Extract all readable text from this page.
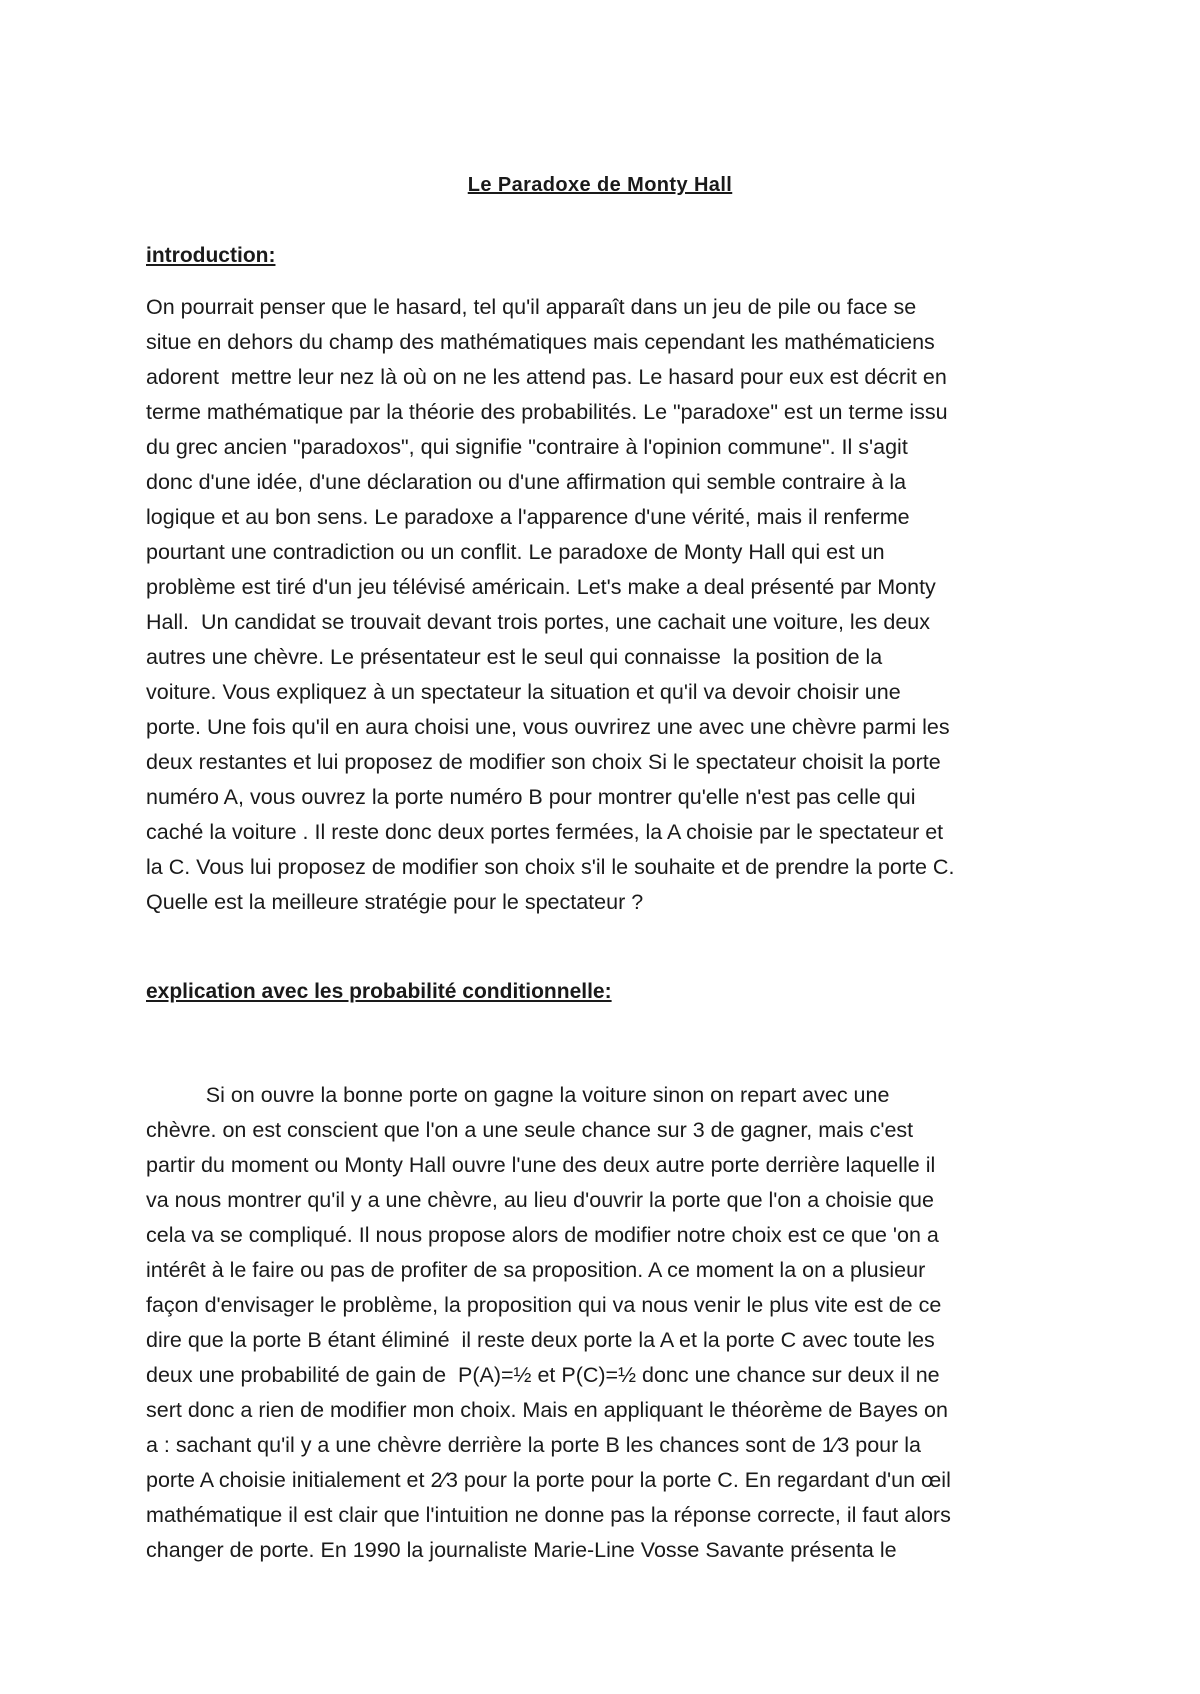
Le Paradoxe de Monty Hall
introduction:

On pourrait penser que le hasard, tel qu'il apparaît dans un jeu de pile ou face se
situe en dehors du champ des mathématiques mais cependant les mathématiciens
adorent  mettre leur nez là où on ne les attend pas. Le hasard pour eux est décrit en
terme mathématique par la théorie des probabilités. Le "paradoxe" est un terme issu
du grec ancien "paradoxos", qui signifie "contraire à l'opinion commune". Il s'agit
donc d'une idée, d'une déclaration ou d'une affirmation qui semble contraire à la
logique et au bon sens. Le paradoxe a l'apparence d'une vérité, mais il renferme
pourtant une contradiction ou un conflit. Le paradoxe de Monty Hall qui est un
problème est tiré d'un jeu télévisé américain. Let's make a deal présenté par Monty
Hall.  Un candidat se trouvait devant trois portes, une cachait une voiture, les deux
autres une chèvre. Le présentateur est le seul qui connaisse  la position de la
voiture. Vous expliquez à un spectateur la situation et qu'il va devoir choisir une
porte. Une fois qu'il en aura choisi une, vous ouvrirez une avec une chèvre parmi les
deux restantes et lui proposez de modifier son choix Si le spectateur choisit la porte
numéro A, vous ouvrez la porte numéro B pour montrer qu'elle n'est pas celle qui
caché la voiture . Il reste donc deux portes fermées, la A choisie par le spectateur et
la C. Vous lui proposez de modifier son choix s'il le souhaite et de prendre la porte C.
Quelle est la meilleure stratégie pour le spectateur ?

explication avec les probabilité conditionnelle:

Si on ouvre la bonne porte on gagne la voiture sinon on repart avec une
chèvre. on est conscient que l'on a une seule chance sur 3 de gagner, mais c'est
partir du moment ou Monty Hall ouvre l'une des deux autre porte derrière laquelle il
va nous montrer qu'il y a une chèvre, au lieu d'ouvrir la porte que l'on a choisie que
cela va se compliqué. Il nous propose alors de modifier notre choix est ce que 'on a
intérêt à le faire ou pas de profiter de sa proposition. A ce moment la on a plusieur
façon d'envisager le problème, la proposition qui va nous venir le plus vite est de ce
dire que la porte B étant éliminé  il reste deux porte la A et la porte C avec toute les
deux une probabilité de gain de  P(A)=½ et P(C)=½ donc une chance sur deux il ne
sert donc a rien de modifier mon choix. Mais en appliquant le théorème de Bayes on
a : sachant qu'il y a une chèvre derrière la porte B les chances sont de 1⁄3 pour la
porte A choisie initialement et 2⁄3 pour la porte pour la porte C. En regardant d'un œil
mathématique il est clair que l'intuition ne donne pas la réponse correcte, il faut alors
changer de porte. En 1990 la journaliste Marie-Line Vosse Savante présenta le
